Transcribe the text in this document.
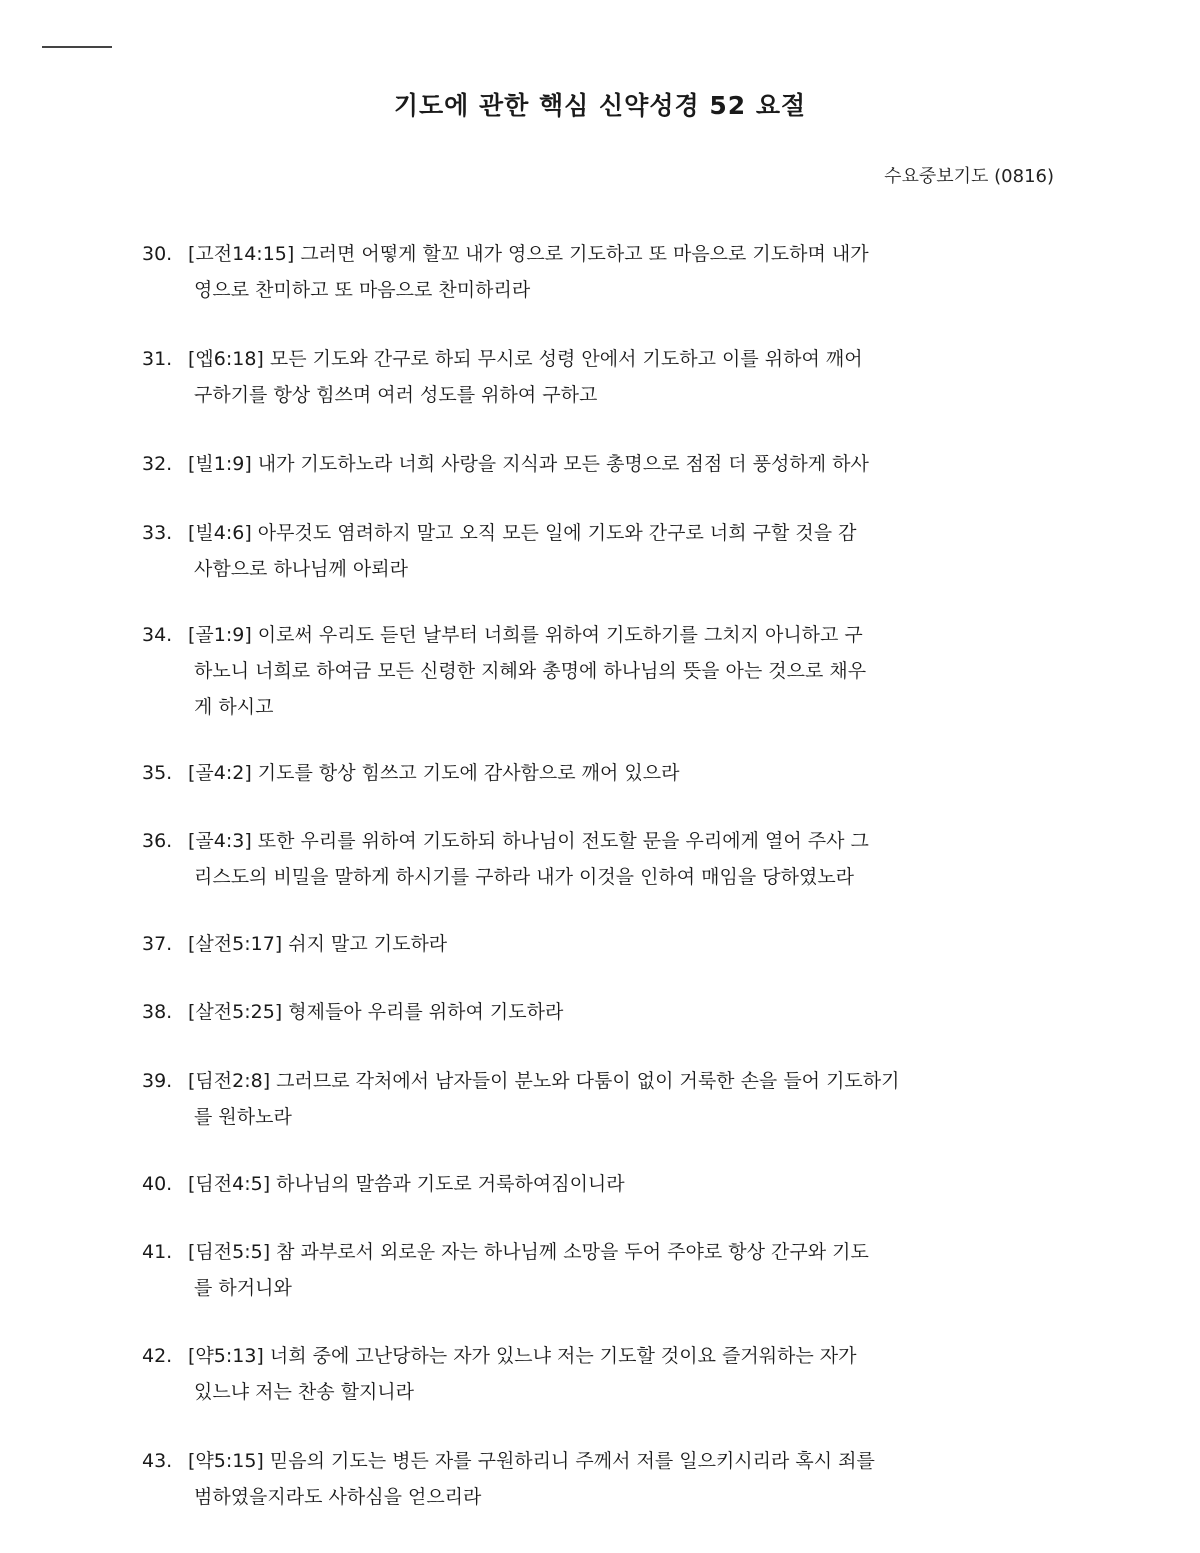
기도에 관한 핵심 신약성경 52 요절
수요중보기도 (0816)
30. [고전14:15] 그러면 어떻게 할꼬 내가 영으로 기도하고 또 마음으로 기도하며 내가
영으로 찬미하고 또 마음으로 찬미하리라
31. [엡6:18] 모든 기도와 간구로 하되 무시로 성령 안에서 기도하고 이를 위하여 깨어
구하기를 항상 힘쓰며 여러 성도를 위하여 구하고
32. [빌1:9] 내가 기도하노라 너희 사랑을 지식과 모든 총명으로 점점 더 풍성하게 하사
33. [빌4:6] 아무것도 염려하지 말고 오직 모든 일에 기도와 간구로 너희 구할 것을 감
사함으로 하나님께 아뢰라
34. [골1:9] 이로써 우리도 듣던 날부터 너희를 위하여 기도하기를 그치지 아니하고 구
하노니 너희로 하여금 모든 신령한 지혜와 총명에 하나님의 뜻을 아는 것으로 채우
게 하시고
35. [골4:2] 기도를 항상 힘쓰고 기도에 감사함으로 깨어 있으라
36. [골4:3] 또한 우리를 위하여 기도하되 하나님이 전도할 문을 우리에게 열어 주사 그
리스도의 비밀을 말하게 하시기를 구하라 내가 이것을 인하여 매임을 당하였노라
37. [살전5:17] 쉬지 말고 기도하라
38. [살전5:25] 형제들아 우리를 위하여 기도하라
39. [딤전2:8] 그러므로 각처에서 남자들이 분노와 다툼이 없이 거룩한 손을 들어 기도하기
를 원하노라
40. [딤전4:5] 하나님의 말씀과 기도로 거룩하여짐이니라
41. [딤전5:5] 참 과부로서 외로운 자는 하나님께 소망을 두어 주야로 항상 간구와 기도
를 하거니와
42. [약5:13] 너희 중에 고난당하는 자가 있느냐 저는 기도할 것이요 즐거워하는 자가
있느냐 저는 찬송 할지니라
43. [약5:15] 믿음의 기도는 병든 자를 구원하리니 주께서 저를 일으키시리라 혹시 죄를
범하였을지라도 사하심을 얻으리라
